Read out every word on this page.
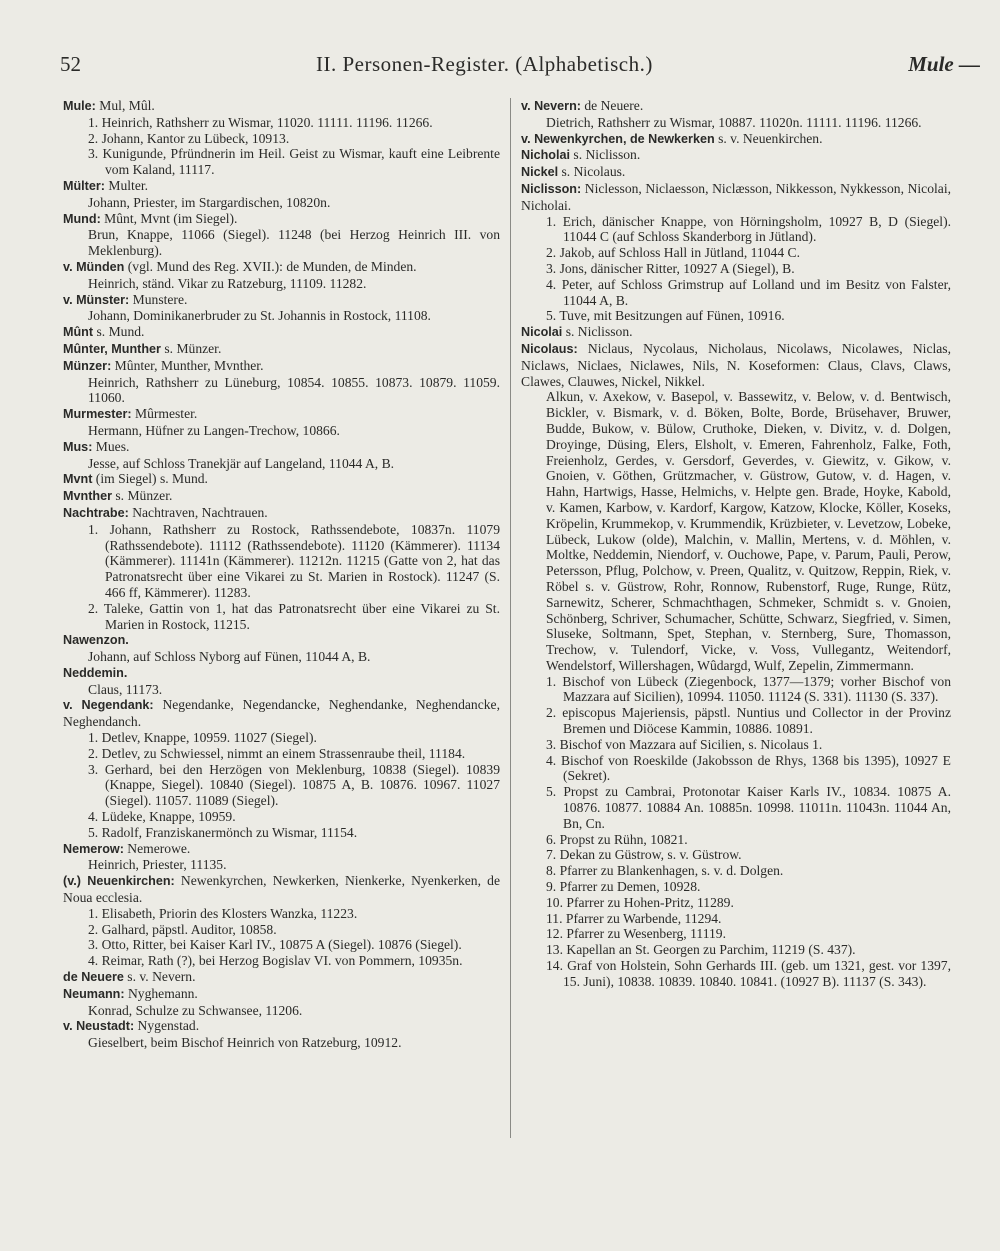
52	II. Personen-Register. (Alphabetisch.)	Mule —
Mule: Mul, Mûl.
1. Heinrich, Rathsherr zu Wismar, 11020. 11111. 11196. 11266.
2. Johann, Kantor zu Lübeck, 10913.
3. Kunigunde, Pfründnerin im Heil. Geist zu Wismar, kauft eine Leibrente vom Kaland, 11117.
Mülter: Multer.
Johann, Priester, im Stargardischen, 10820n.
Mund: Mûnt, Mvnt (im Siegel).
Brun, Knappe, 11066 (Siegel). 11248 (bei Herzog Heinrich III. von Meklenburg).
v. Münden (vgl. Mund des Reg. XVII.): de Munden, de Minden.
Heinrich, ständ. Vikar zu Ratzeburg, 11109. 11282.
v. Münster: Munstere.
Johann, Dominikanerbruder zu St. Johannis in Rostock, 11108.
Mûnt s. Mund.
Mûnter, Munther s. Münzer.
Münzer: Mûnter, Munther, Mvnther.
Heinrich, Rathsherr zu Lüneburg, 10854. 10855. 10873. 10879. 11059. 11060.
Murmester: Mûrmester.
Hermann, Hüfner zu Langen-Trechow, 10866.
Mus: Mues.
Jesse, auf Schloss Tranekjär auf Langeland, 11044 A, B.
Mvnt (im Siegel) s. Mund.
Mvnther s. Münzer.
Nachtrabe: Nachtraven, Nachtrauen.
1. Johann, Rathsherr zu Rostock, Rathssendebote, 10837n. 11079 (Rathssendebote). 11112 (Rathssendebote). 11120 (Kämmerer). 11134 (Kämmerer). 11141n (Kämmerer). 11212n. 11215 (Gatte von 2, hat das Patronatsrecht über eine Vikarei zu St. Marien in Rostock). 11247 (S. 466 ff, Kämmerer). 11283.
2. Taleke, Gattin von 1, hat das Patronatsrecht über eine Vikarei zu St. Marien in Rostock, 11215.
Nawenzon.
Johann, auf Schloss Nyborg auf Fünen, 11044 A, B.
Neddemin.
Claus, 11173.
v. Negendank: Negendanke, Negendancke, Neghendanke, Neghendancke, Neghendanch.
1. Detlev, Knappe, 10959. 11027 (Siegel).
2. Detlev, zu Schwiessel, nimmt an einem Strassenraube theil, 11184.
3. Gerhard, bei den Herzögen von Meklenburg, 10838 (Siegel). 10839 (Knappe, Siegel). 10840 (Siegel). 10875 A, B. 10876. 10967. 11027 (Siegel). 11057. 11089 (Siegel).
4. Lüdeke, Knappe, 10959.
5. Radolf, Franziskanermönch zu Wismar, 11154.
Nemerow: Nemerowe.
Heinrich, Priester, 11135.
(v.) Neuenkirchen: Newenkyrchen, Newkerken, Nienkerke, Nyenkerken, de Noua ecclesia.
1. Elisabeth, Priorin des Klosters Wanzka, 11223.
2. Galhard, päpstl. Auditor, 10858.
3. Otto, Ritter, bei Kaiser Karl IV., 10875 A (Siegel). 10876 (Siegel).
4. Reimar, Rath (?), bei Herzog Bogislav VI. von Pommern, 10935n.
de Neuere s. v. Nevern.
Neumann: Nyghemann.
Konrad, Schulze zu Schwansee, 11206.
v. Neustadt: Nygenstad.
Gieselbert, beim Bischof Heinrich von Ratzeburg, 10912.
v. Nevern: de Neuere.
Dietrich, Rathsherr zu Wismar, 10887. 11020n. 11111. 11196. 11266.
v. Newenkyrchen, de Newkerken s. v. Neuenkirchen.
Nicholai s. Niclisson.
Nickel s. Nicolaus.
Niclisson: Niclesson, Niclaesson, Niclæsson, Nikkesson, Nykkesson, Nicolai, Nicholai.
1. Erich, dänischer Knappe, von Hörningsholm, 10927 B, D (Siegel). 11044 C (auf Schloss Skanderborg in Jütland).
2. Jakob, auf Schloss Hall in Jütland, 11044 C.
3. Jons, dänischer Ritter, 10927 A (Siegel), B.
4. Peter, auf Schloss Grimstrup auf Lolland und im Besitz von Falster, 11044 A, B.
5. Tuve, mit Besitzungen auf Fünen, 10916.
Nicolai s. Niclisson.
Nicolaus: Niclaus, Nycolaus, Nicholaus, Nicolaws, Nicolawes, Niclas, Niclaws, Niclaes, Niclawes, Nils, N. Koseformen: Claus, Clavs, Claws, Clawes, Clauwes, Nickel, Nikkel.
Alkun, v. Axekow, v. Basepol, v. Bassewitz, v. Below, v. d. Bentwisch, Bickler, v. Bismark, v. d. Böken, Bolte, Borde, Brüsehaver, Bruwer, Budde, Bukow, v. Bülow, Cruthoke, Dieken, v. Divitz, v. d. Dolgen, Droyinge, Düsing, Elers, Elsholt, v. Emeren, Fahrenholz, Falke, Foth, Freienholz, Gerdes, v. Gersdorf, Geverdes, v. Giewitz, v. Gikow, v. Gnoien, v. Göthen, Grützmacher, v. Güstrow, Gutow, v. d. Hagen, v. Hahn, Hartwigs, Hasse, Helmichs, v. Helpte gen. Brade, Hoyke, Kabold, v. Kamen, Karbow, v. Kardorf, Kargow, Katzow, Klocke, Köller, Koseks, Kröpelin, Krummekop, v. Krummendik, Krüzbieter, v. Levetzow, Lobeke, Lübeck, Lukow (olde), Malchin, v. Mallin, Mertens, v. d. Möhlen, v. Moltke, Neddemin, Niendorf, v. Ouchowe, Pape, v. Parum, Pauli, Perow, Petersson, Pflug, Polchow, v. Preen, Qualitz, v. Quitzow, Reppin, Riek, v. Röbel s. v. Güstrow, Rohr, Ronnow, Rubenstorf, Ruge, Runge, Rütz, Sarnewitz, Scherer, Schmachthagen, Schmeker, Schmidt s. v. Gnoien, Schönberg, Schriver, Schumacher, Schütte, Schwarz, Siegfried, v. Simen, Sluseke, Soltmann, Spet, Stephan, v. Sternberg, Sure, Thomasson, Trechow, v. Tulendorf, Vicke, v. Voss, Vullegantz, Weitendorf, Wendelstorf, Willershagen, Wûdargd, Wulf, Zepelin, Zimmermann.
1. Bischof von Lübeck (Ziegenbock, 1377—1379; vorher Bischof von Mazzara auf Sicilien), 10994. 11050. 11124 (S. 331). 11130 (S. 337).
2. episcopus Majeriensis, päpstl. Nuntius und Collector in der Provinz Bremen und Diöcese Kammin, 10886. 10891.
3. Bischof von Mazzara auf Sicilien, s. Nicolaus 1.
4. Bischof von Roeskilde (Jakobsson de Rhys, 1368 bis 1395), 10927 E (Sekret).
5. Propst zu Cambrai, Protonotar Kaiser Karls IV., 10834. 10875 A. 10876. 10877. 10884 An. 10885n. 10998. 11011n. 11043n. 11044 An, Bn, Cn.
6. Propst zu Rühn, 10821.
7. Dekan zu Güstrow, s. v. Güstrow.
8. Pfarrer zu Blankenhagen, s. v. d. Dolgen.
9. Pfarrer zu Demen, 10928.
10. Pfarrer zu Hohen-Pritz, 11289.
11. Pfarrer zu Warbende, 11294.
12. Pfarrer zu Wesenberg, 11119.
13. Kapellan an St. Georgen zu Parchim, 11219 (S. 437).
14. Graf von Holstein, Sohn Gerhards III. (geb. um 1321, gest. vor 1397, 15. Juni), 10838. 10839. 10840. 10841. (10927 B). 11137 (S. 343).
